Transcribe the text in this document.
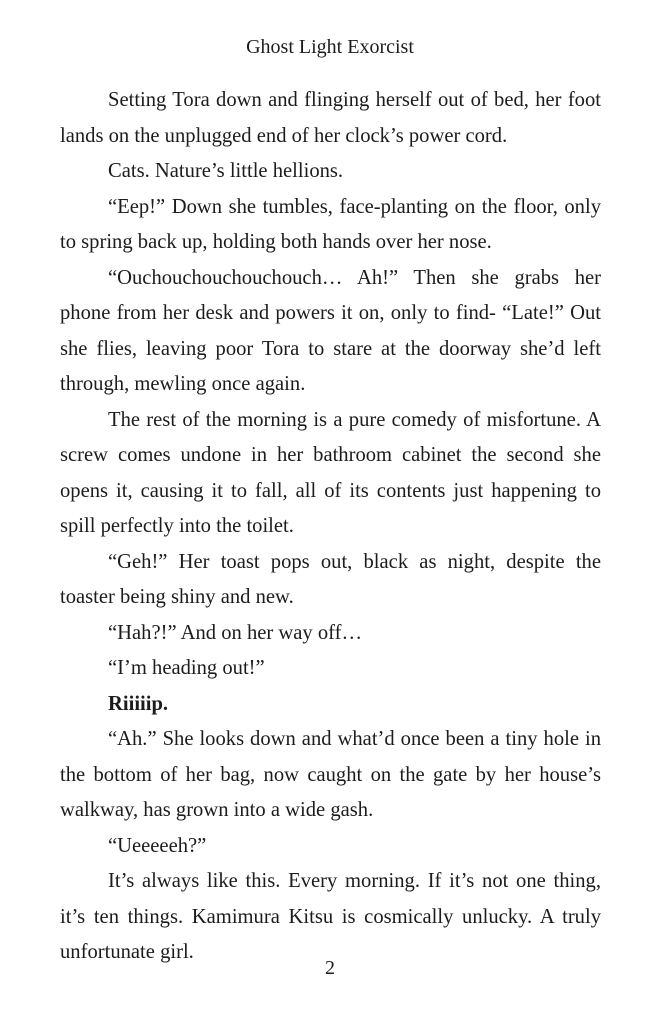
Ghost Light Exorcist

Setting Tora down and flinging herself out of bed, her foot lands on the unplugged end of her clock’s power cord.

Cats. Nature’s little hellions.

“Eep!” Down she tumbles, face-planting on the floor, only to spring back up, holding both hands over her nose.

“Ouchouchouchouchouch… Ah!” Then she grabs her phone from her desk and powers it on, only to find- “Late!” Out she flies, leaving poor Tora to stare at the doorway she’d left through, mewling once again.

The rest of the morning is a pure comedy of misfortune. A screw comes undone in her bathroom cabinet the second she opens it, causing it to fall, all of its contents just happening to spill perfectly into the toilet.

“Geh!” Her toast pops out, black as night, despite the toaster being shiny and new.

“Hah?!” And on her way off…

“I’m heading out!”

Riiiiip.

“Ah.” She looks down and what’d once been a tiny hole in the bottom of her bag, now caught on the gate by her house’s walkway, has grown into a wide gash.

“Ueeeeeh?”

It’s always like this. Every morning. If it’s not one thing, it’s ten things. Kamimura Kitsu is cosmically unlucky. A truly unfortunate girl.

2
